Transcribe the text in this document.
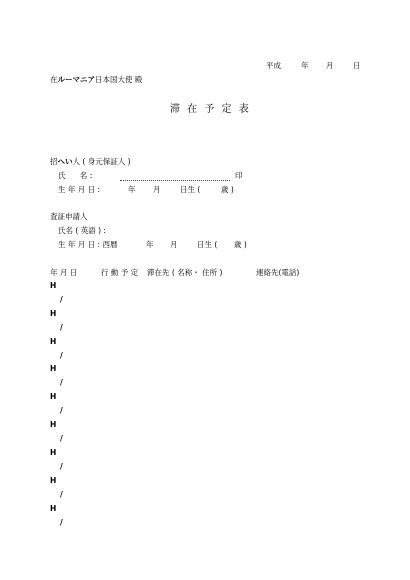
平成	年 月	日
在ルーマニア日本国大使 殿
滞 在 予 定 表
招へい人 ( 身元保証人 )
氏      名 :	印
生 年 月 日 :	年 月	日生 (	歳 )
査証申請人
氏名 ( 英語 ) :
生 年 月 日 : 西暦	年 月	日生 ( 歳 )
年 月 日	行 動 予 定 滞在先 ( 名称・ 住所 )	連絡先(電話)
H
/
H
/
H
/
H
/
H
/
H
/
H
/
H
/
H
/
